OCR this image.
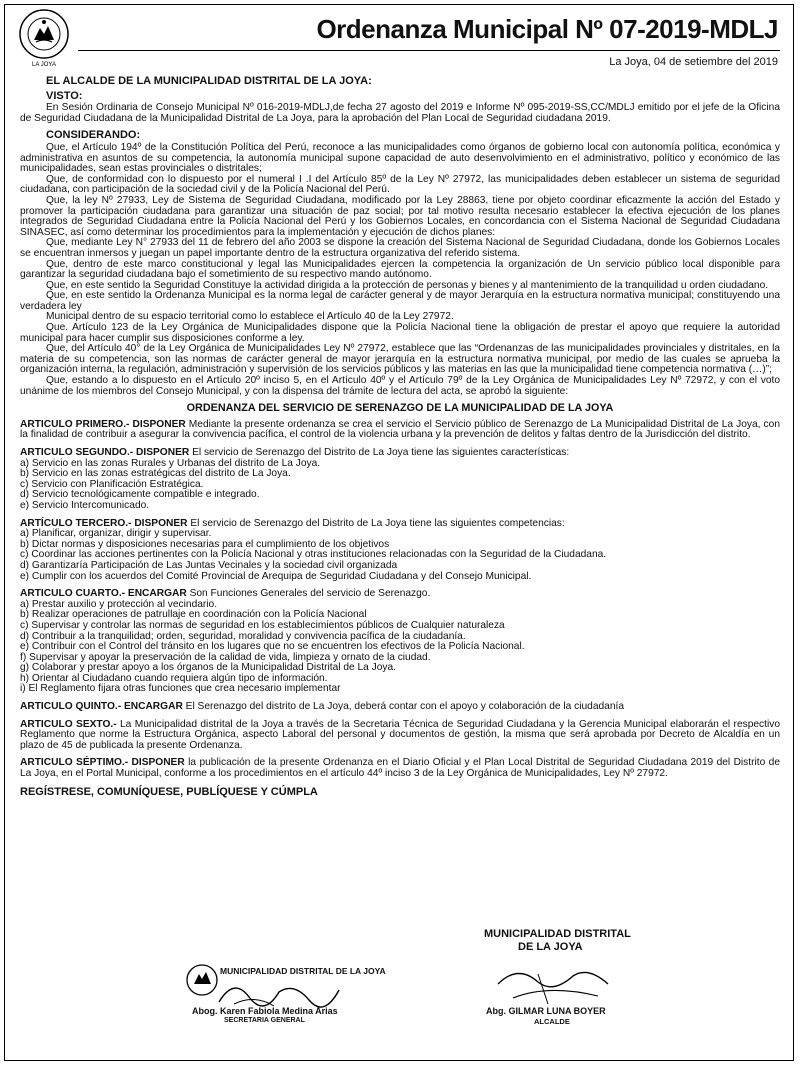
LA JOYA
Ordenanza Municipal Nº 07-2019-MDLJ
La Joya, 04 de setiembre del 2019
EL ALCALDE DE LA MUNICIPALIDAD DISTRITAL DE LA JOYA:
VISTO:

En Sesión Ordinaria de Consejo Municipal Nº 016-2019-MDLJ,de fecha 27 agosto del 2019 e Informe Nº 095-2019-SS,CC/MDLJ emitido por el jefe de la Oficina de Seguridad Ciudadana de la Municipalidad Distrital de La Joya, para la aprobación del Plan Local de Seguridad ciudadana 2019.

CONSIDERANDO:

Que, el Artículo 194º de la Constitución Política del Perú, reconoce a las municipalidades como órganos de gobierno local con autonomía política, económica y administrativa en asuntos de su competencia, la autonomía municipal supone capacidad de auto desenvolvimiento en el administrativo, político y económico de las municipalidades, sean estas provinciales o distritales;

Que, de conformidad con lo dispuesto por el numeral I .I del Artículo 85º de la Ley Nº 27972, las municipalidades deben establecer un sistema de seguridad ciudadana, con participación de la sociedad civil y de la Policía Nacional del Perú.

Que, la ley Nº 27933, Ley de Sistema de Seguridad Ciudadana, modificado por la Ley 28863, tiene por objeto coordinar eficazmente la acción del Estado y promover la participación ciudadana para garantizar una situación de paz social; por tal motivo resulta necesario establecer la efectiva ejecución de los planes integrados de Seguridad Ciudadana entre la Policía Nacional del Perú y los Gobiernos Locales, en concordancia con el Sistema Nacional de Seguridad Ciudadana SINASEC, así como determinar los procedimientos para la implementación y ejecución de dichos planes:

Que, mediante Ley N° 27933 del 11 de febrero del año 2003 se dispone la creación del Sistema Nacional de Seguridad Ciudadana, donde los Gobiernos Locales se encuentran inmersos y juegan un papel importante dentro de la estructura organizativa del referido sistema.

Que, dentro de este marco constitucional y legal las Municipalidades ejercen la competencia la organización de Un servicio público local disponible para garantizar la seguridad ciudadana bajo el sometimiento de su respectivo mando autónomo.

Que, en este sentido la Seguridad Constituye la actividad dirigida a la protección de personas y bienes y al mantenimiento de la tranquilidad u orden ciudadano.

Que, en este sentido la Ordenanza Municipal es la norma legal de carácter general y de mayor Jerarquía en la estructura normativa municipal; constituyendo una verdadera ley

Municipal dentro de su espacio territorial como lo establece el Artículo 40 de la Ley 27972.

Que. Artículo 123 de la Ley Orgánica de Municipalidades dispone que la Policía Nacional tiene la obligación de prestar el apoyo que requiere la autoridad municipal para hacer cumplir sus disposiciones conforme a ley.

Que, del Artículo 40° de la Ley Orgánica de Municipalidades Ley Nº 27972, establece que las “Ordenanzas de las municipalidades provinciales y distritales, en la materia de su competencia, son las normas de carácter general de mayor jerarquía en la estructura normativa municipal, por medio de las cuales se aprueba la organización interna, la regulación, administración y supervisión de los servicios públicos y las materias en las que la municipalidad tiene competencia normativa (…)”;

Que, estando a lo dispuesto en el Artículo 20º inciso 5, en el Artículo 40º y el Artículo 79º de la Ley Orgánica de Municipalidades Ley Nº 72972, y con el voto unánime de los miembros del Consejo Municipal, y con la dispensa del trámite de lectura del acta, se aprobó la siguiente:

ORDENANZA DEL SERVICIO DE SERENAZGO DE LA MUNICIPALIDAD DE LA JOYA
ARTICULO PRIMERO.- DISPONER Mediante la presente ordenanza se crea el servicio el Servicio público de Serenazgo de La Municipalidad Distrital de La Joya, con la finalidad de contribuir a asegurar la convivencia pacífica, el control de la violencia urbana y la prevención de delitos y faltas dentro de la Jurisdicción del distrito.
ARTICULO SEGUNDO.- DISPONER El servicio de Serenazgo del Distrito de La Joya tiene las siguientes características:
a) Servicio en las zonas Rurales y Urbanas del distrito de La Joya.
b) Servicio en las zonas estratégicas del distrito de La Joya.
c) Servicio con Planificación Estratégica.
d) Servicio tecnológicamente compatible e integrado.
e) Servicio Intercomunicado.
ARTÍCULO TERCERO.- DISPONER El servicio de Serenazgo del Distrito de La Joya tiene las siguientes competencias:
a) Planificar, organizar, dirigir y supervisar.
b) Dictar normas y disposiciones necesarias para el cumplimiento de los objetivos
c) Coordinar las acciones pertinentes con la Policía Nacional y otras instituciones relacionadas con la Seguridad de la Ciudadana.
d) Garantizaría Participación de Las Juntas Vecinales y la sociedad civil organizada
e) Cumplir con los acuerdos del Comité Provincial de Arequipa de Seguridad Ciudadana y del Consejo Municipal.
ARTICULO CUARTO.- ENCARGAR Son Funciones Generales del servicio de Serenazgo.
a) Prestar auxilio y protección al vecindario.
b) Realizar operaciones de patrullaje en coordinación con la Policía Nacional
c) Supervisar y controlar las normas de seguridad en los establecimientos públicos de Cualquier naturaleza
d) Contribuir a la tranquilidad; orden, seguridad, moralidad y convivencia pacífica de la ciudadanía.
e) Contribuir con el Control del tránsito en los lugares que no se encuentren los efectivos de la Policía Nacional.
f) Supervisar y apoyar la preservación de la calidad de vida, limpieza y ornato de la ciudad.
g) Colaborar y prestar apoyo a los órganos de la Municipalidad Distrital de La Joya.
h) Orientar al Ciudadano cuando requiera algún tipo de información.
i) El Reglamento fijara otras funciones que crea necesario implementar
ARTICULO QUINTO.- ENCARGAR El Serenazgo del distrito de La Joya, deberá contar con el apoyo y colaboración de la ciudadanía
ARTICULO SEXTO.- La Municipalidad distrital de la Joya a través de la Secretaria Técnica de Seguridad Ciudadana y la Gerencia Municipal elaborarán el respectivo Reglamento que norme la Estructura Orgánica, aspecto Laboral del personal y documentos de gestión, la misma que será aprobada por Decreto de Alcaldía en un plazo de 45 de publicada la presente Ordenanza.
ARTICULO SÉPTIMO.- DISPONER la publicación de la presente Ordenanza en el Diario Oficial y el Plan Local Distrital de Seguridad Ciudadana 2019 del Distrito de La Joya, en el Portal Municipal, conforme a los procedimientos en el artículo 44º inciso 3 de la Ley Orgánica de Municipalidades, Ley Nº 27972.
REGÍSTRESE, COMUNÍQUESE, PUBLÍQUESE Y CÚMPLA
MUNICIPALIDAD DISTRITAL DE LA JOYA
Abog. Karen Fabiola Medina Arias
SECRETARIA GENERAL
MUNICIPALIDAD DISTRITAL
DE LA JOYA
Abg. GILMAR LUNA BOYER
ALCALDE
